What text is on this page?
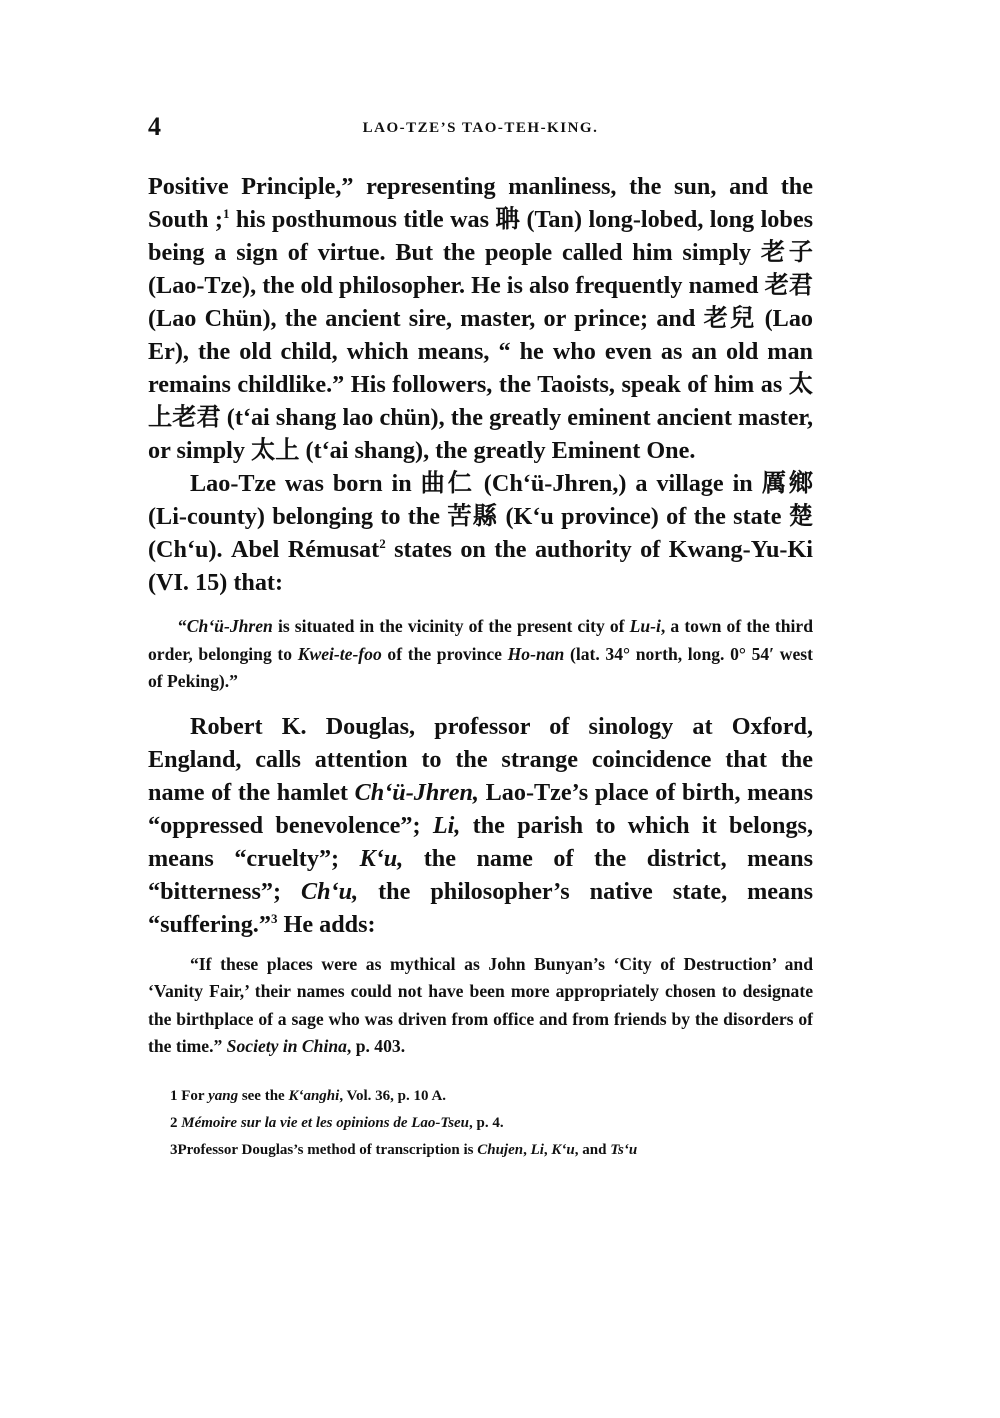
4	LAO-TZE’S TAO-TEH-KING.

Positive Principle,” representing manliness, the sun, and the South ;$^1$ his posthumous title was 聃 (Tan) long-lobed, long lobes being a sign of virtue. But the people called him simply 老子 (Lao-Tze), the old philosopher. He is also frequently named 老君(Lao Chün), the ancient sire, master, or prince; and 老兒 (Lao Er), the old child, which means, “ he who even as an old man remains childlike.” His followers, the Taoists, speak of him as 太上老君 (t‘ai shang lao chün), the greatly eminent ancient master, or simply 太上 (t‘ai shang), the greatly Eminent One.

Lao-Tze was born in 曲仁 (Ch‘ü-Jhren,) a village in 厲鄉 (Li-county) belonging to the 苦縣 (K‘u province) of the state 楚(Ch‘u). Abel Rémusat$^2$ states on the authority of Kwang-Yu-Ki (VI. 15) that:

“Ch‘ü-Jhren is situated in the vicinity of the present city of Lu-i, a town of the third order, belonging to Kwei-te-foo of the province Ho-nan (lat. 34° north, long. 0° 54′ west of Peking).”

Robert K. Douglas, professor of sinology at Oxford, England, calls attention to the strange coincidence that the name of the hamlet Ch‘ü-Jhren, Lao-Tze’s place of birth, means “oppressed benevolence”; Li, the parish to which it belongs, means “cruelty”; K‘u, the name of the district, means “bitterness”; Ch‘u, the philosopher’s native state, means “suffering.”$^3$ He adds:

“If these places were as mythical as John Bunyan’s ‘City of Destruction’ and ‘Vanity Fair,’ their names could not have been more appropriately chosen to designate the birthplace of a sage who was driven from office and from friends by the disorders of the time.” Society in China, p. 403.

1 For yang see the K‘anghi, Vol. 36, p. 10 A.
2 Mémoire sur la vie et les opinions de Lao-Tseu, p. 4.
3Professor Douglas’s method of transcription is Chujen, Li, K‘u, and Ts‘u
